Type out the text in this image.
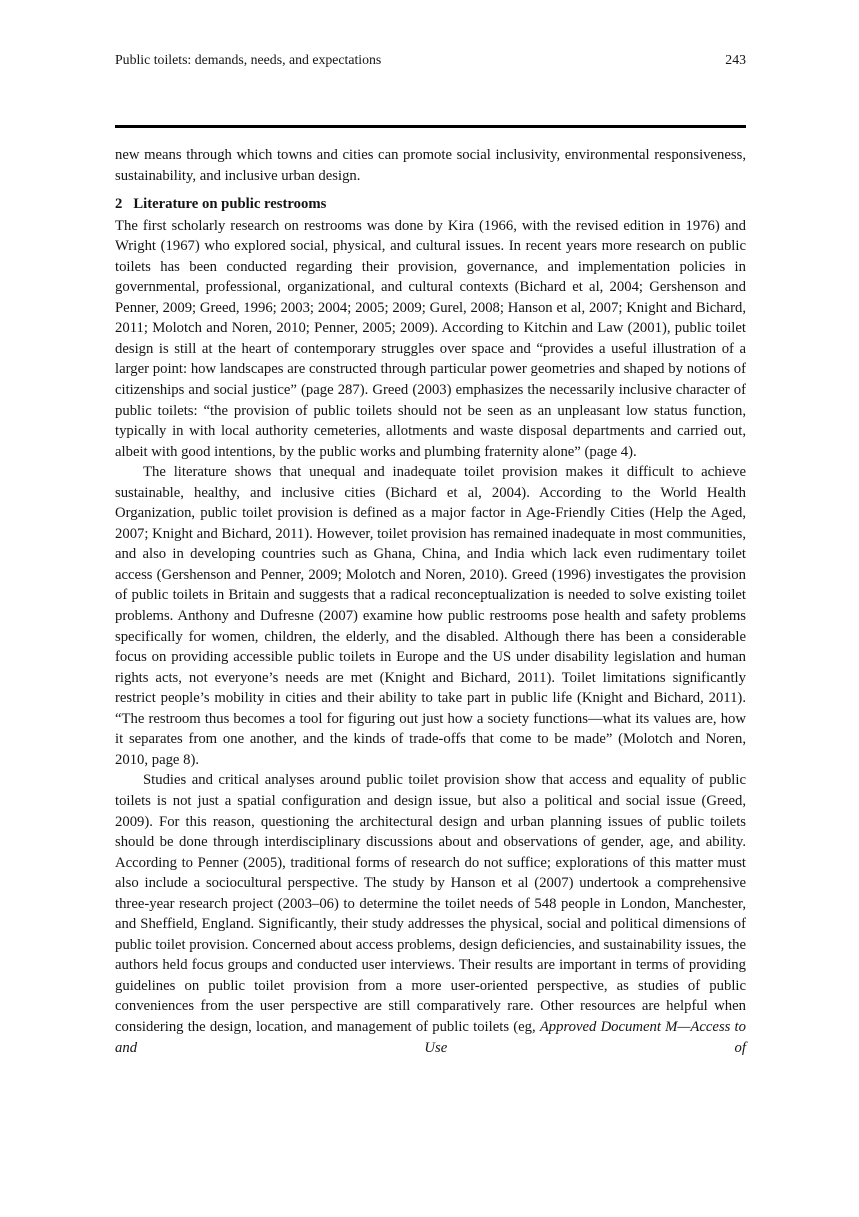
Public toilets: demands, needs, and expectations	243

new means through which towns and cities can promote social inclusivity, environmental responsiveness, sustainability, and inclusive urban design.

2 Literature on public restrooms

The first scholarly research on restrooms was done by Kira (1966, with the revised edition in 1976) and Wright (1967) who explored social, physical, and cultural issues. In recent years more research on public toilets has been conducted regarding their provision, governance, and implementation policies in governmental, professional, organizational, and cultural contexts (Bichard et al, 2004; Gershenson and Penner, 2009; Greed, 1996; 2003; 2004; 2005; 2009; Gurel, 2008; Hanson et al, 2007; Knight and Bichard, 2011; Molotch and Noren, 2010; Penner, 2005; 2009). According to Kitchin and Law (2001), public toilet design is still at the heart of contemporary struggles over space and “provides a useful illustration of a larger point: how landscapes are constructed through particular power geometries and shaped by notions of citizenships and social justice” (page 287). Greed (2003) emphasizes the necessarily inclusive character of public toilets: “the provision of public toilets should not be seen as an unpleasant low status function, typically in with local authority cemeteries, allotments and waste disposal departments and carried out, albeit with good intentions, by the public works and plumbing fraternity alone” (page 4).

The literature shows that unequal and inadequate toilet provision makes it difficult to achieve sustainable, healthy, and inclusive cities (Bichard et al, 2004). According to the World Health Organization, public toilet provision is defined as a major factor in Age-Friendly Cities (Help the Aged, 2007; Knight and Bichard, 2011). However, toilet provision has remained inadequate in most communities, and also in developing countries such as Ghana, China, and India which lack even rudimentary toilet access (Gershenson and Penner, 2009; Molotch and Noren, 2010). Greed (1996) investigates the provision of public toilets in Britain and suggests that a radical reconceptualization is needed to solve existing toilet problems. Anthony and Dufresne (2007) examine how public restrooms pose health and safety problems specifically for women, children, the elderly, and the disabled. Although there has been a considerable focus on providing accessible public toilets in Europe and the US under disability legislation and human rights acts, not everyone’s needs are met (Knight and Bichard, 2011). Toilet limitations significantly restrict people’s mobility in cities and their ability to take part in public life (Knight and Bichard, 2011). “The restroom thus becomes a tool for figuring out just how a society functions—what its values are, how it separates from one another, and the kinds of trade-offs that come to be made” (Molotch and Noren, 2010, page 8).

Studies and critical analyses around public toilet provision show that access and equality of public toilets is not just a spatial configuration and design issue, but also a political and social issue (Greed, 2009). For this reason, questioning the architectural design and urban planning issues of public toilets should be done through interdisciplinary discussions about and observations of gender, age, and ability. According to Penner (2005), traditional forms of research do not suffice; explorations of this matter must also include a sociocultural perspective. The study by Hanson et al (2007) undertook a comprehensive three-year research project (2003–06) to determine the toilet needs of 548 people in London, Manchester, and Sheffield, England. Significantly, their study addresses the physical, social and political dimensions of public toilet provision. Concerned about access problems, design deficiencies, and sustainability issues, the authors held focus groups and conducted user interviews. Their results are important in terms of providing guidelines on public toilet provision from a more user-oriented perspective, as studies of public conveniences from the user perspective are still comparatively rare. Other resources are helpful when considering the design, location, and management of public toilets (eg, Approved Document M—Access to and Use of
